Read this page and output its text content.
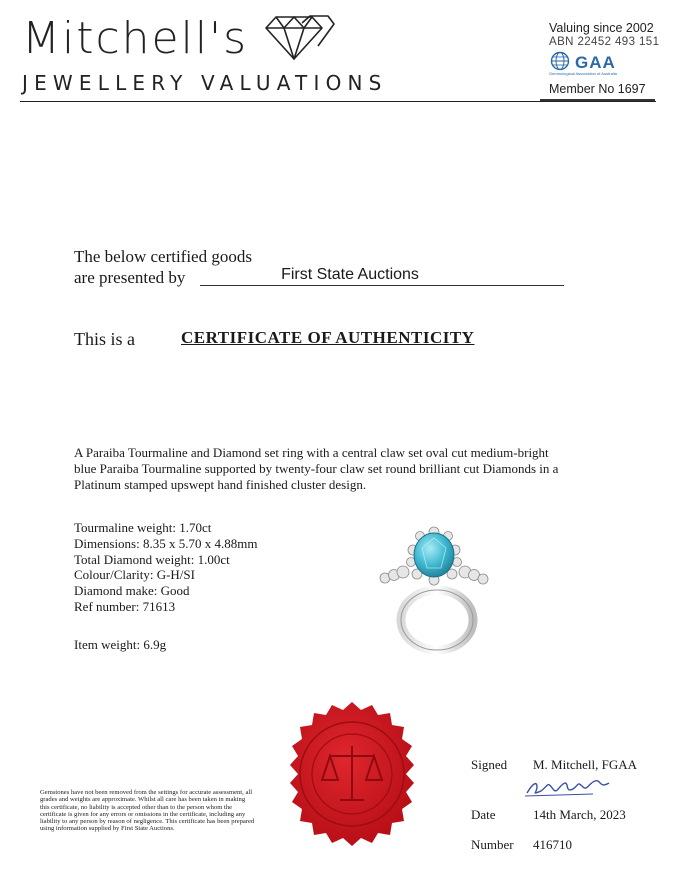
Mitchell's
JEWELLERY VALUATIONS
Valuing since 2002
ABN 22452 493 151
GAA
Gemmological Association of Australia
Member No 1697
The below certified goods
are presented by	First State Auctions
This is a	CERTIFICATE OF AUTHENTICITY
A Paraiba Tourmaline and Diamond set ring with a central claw set oval cut medium-bright blue Paraiba Tourmaline supported by twenty-four claw set round brilliant cut Diamonds in a Platinum stamped upswept hand finished cluster design.
Tourmaline weight: 1.70ct
Dimensions: 8.35 x 5.70 x 4.88mm
Total Diamond weight: 1.00ct
Colour/Clarity: G-H/SI
Diamond make: Good
Ref number: 71613
Item weight: 6.9g
Gemstones have not been removed from the settings for accurate assessment, all grades and weights are approximate. Whilst all care has been taken in making this certificate, no liability is accepted other than to the person whom the certificate is given for any errors or omissions in the certificate, including any liability to any person by reason of negligence. This certificate has been prepared using information supplied by First State Auctions.
Signed M. Mitchell, FGAA
Date	14th March, 2023
Number 416710
